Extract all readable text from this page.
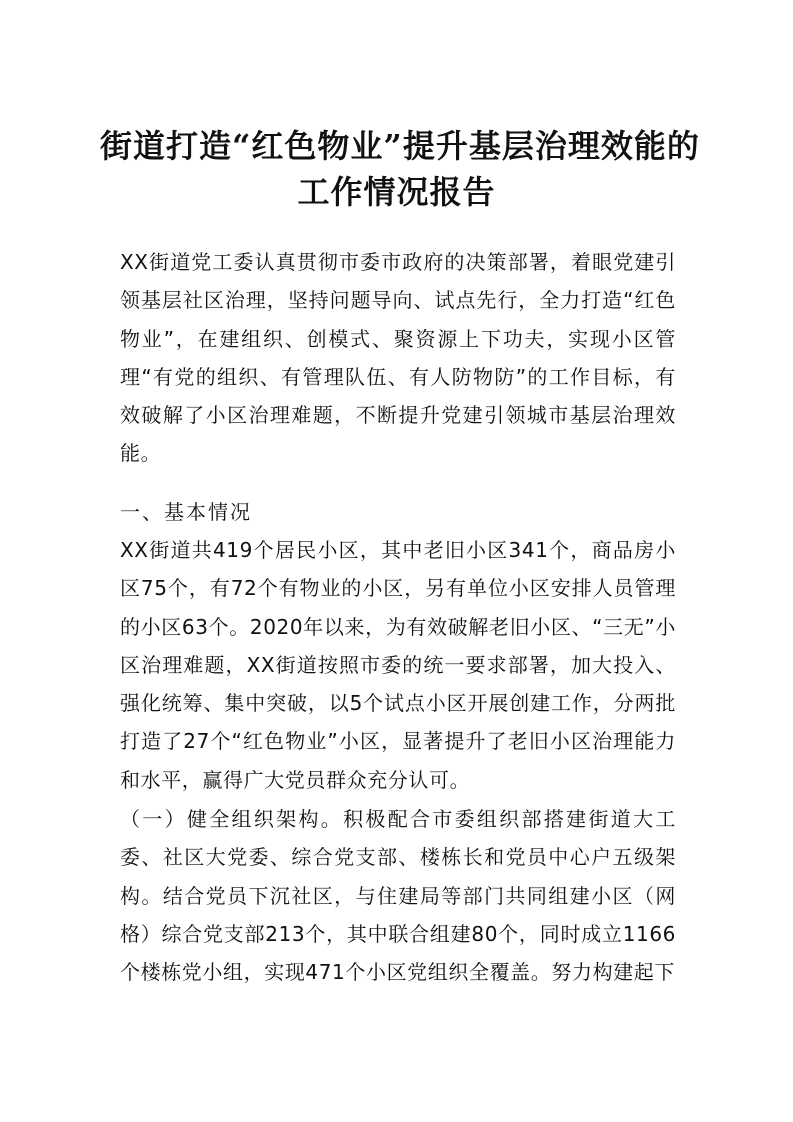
街道打造“红色物业”提升基层治理效能的
工作情况报告

XX街道党工委认真贯彻市委市政府的决策部署，着眼党建引领基层社区治理，坚持问题导向、试点先行，全力打造“红色物业”，在建组织、创模式、聚资源上下功夫，实现小区管理“有党的组织、有管理队伍、有人防物防”的工作目标，有效破解了小区治理难题，不断提升党建引领城市基层治理效能。

一、基本情况

XX街道共419个居民小区，其中老旧小区341个，商品房小区75个，有72个有物业的小区，另有单位小区安排人员管理的小区63个。2020年以来，为有效破解老旧小区、“三无”小区治理难题，XX街道按照市委的统一要求部署，加大投入、强化统筹、集中突破，以5个试点小区开展创建工作，分两批打造了27个“红色物业”小区，显著提升了老旧小区治理能力和水平，赢得广大党员群众充分认可。

（一）健全组织架构。积极配合市委组织部搭建街道大工委、社区大党委、综合党支部、楼栋长和党员中心户五级架构。结合党员下沉社区，与住建局等部门共同组建小区（网格）综合党支部213个，其中联合组建80个，同时成立1166个楼栋党小组，实现471个小区党组织全覆盖。努力构建起下
